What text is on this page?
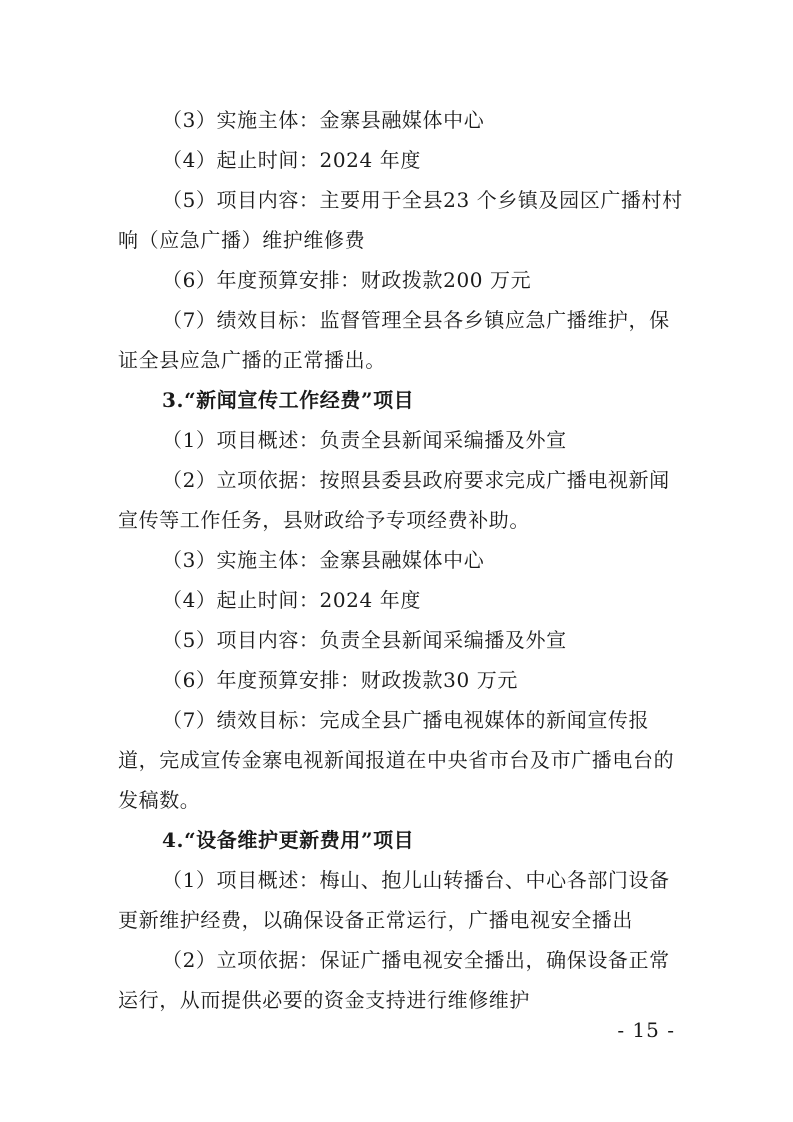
（3）实施主体：金寨县融媒体中心

（4）起止时间：2024 年度

（5）项目内容：主要用于全县23 个乡镇及园区广播村村响（应急广播）维护维修费

（6）年度预算安排：财政拨款200 万元

（7）绩效目标：监督管理全县各乡镇应急广播维护，保证全县应急广播的正常播出。

3.“新闻宣传工作经费”项目

（1）项目概述：负责全县新闻采编播及外宣

（2）立项依据：按照县委县政府要求完成广播电视新闻宣传等工作任务，县财政给予专项经费补助。

（3）实施主体：金寨县融媒体中心

（4）起止时间：2024 年度

（5）项目内容：负责全县新闻采编播及外宣

（6）年度预算安排：财政拨款30 万元

（7）绩效目标：完成全县广播电视媒体的新闻宣传报道，完成宣传金寨电视新闻报道在中央省市台及市广播电台的发稿数。

4.“设备维护更新费用”项目

（1）项目概述：梅山、抱儿山转播台、中心各部门设备更新维护经费，以确保设备正常运行，广播电视安全播出

（2）立项依据：保证广播电视安全播出，确保设备正常运行，从而提供必要的资金支持进行维修维护

- 15 -
